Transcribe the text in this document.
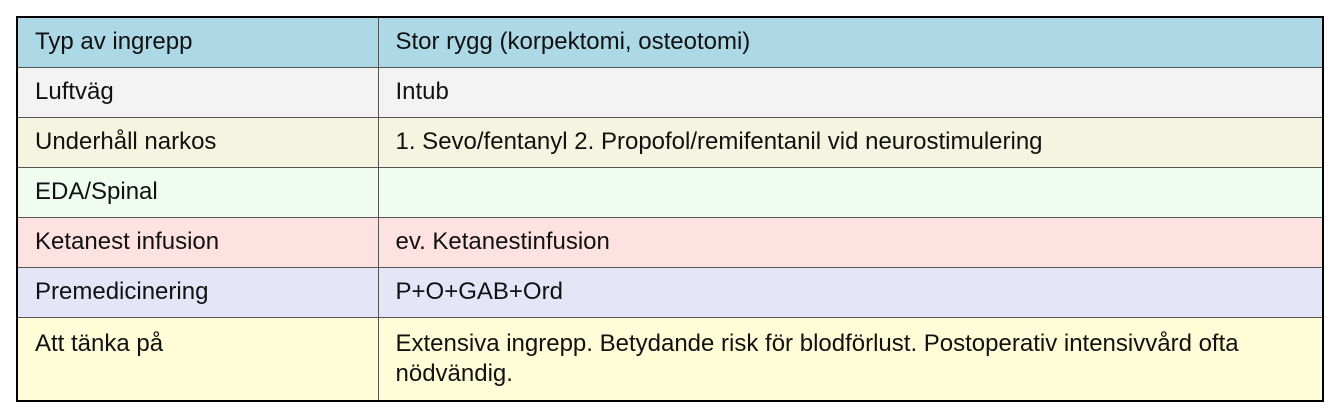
Typ av ingrepp	Stor rygg (korpektomi, osteotomi)
Luftväg	Intub
Underhåll narkos	1. Sevo/fentanyl 2. Propofol/remifentanil vid neurostimulering
EDA/Spinal	
Ketanest infusion	ev. Ketanestinfusion
Premedicinering	P+O+GAB+Ord
Att tänka på	Extensiva ingrepp. Betydande risk för blodförlust. Postoperativ intensivvård ofta nödvändig.
